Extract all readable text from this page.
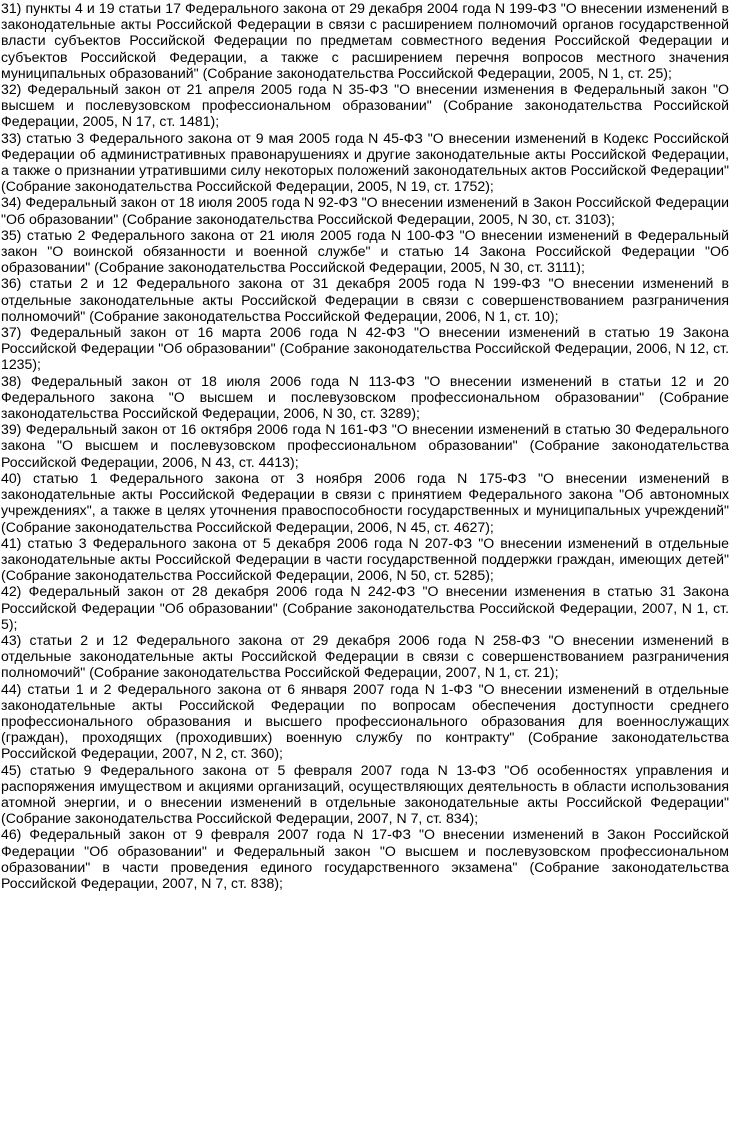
31) пункты 4 и 19 статьи 17 Федерального закона от 29 декабря 2004 года N 199-ФЗ "О внесении изменений в законодательные акты Российской Федерации в связи с расширением полномочий органов государственной власти субъектов Российской Федерации по предметам совместного ведения Российской Федерации и субъектов Российской Федерации, а также с расширением перечня вопросов местного значения муниципальных образований" (Собрание законодательства Российской Федерации, 2005, N 1, ст. 25);

32) Федеральный закон от 21 апреля 2005 года N 35-ФЗ "О внесении изменения в Федеральный закон "О высшем и послевузовском профессиональном образовании" (Собрание законодательства Российской Федерации, 2005, N 17, ст. 1481);

33) статью 3 Федерального закона от 9 мая 2005 года N 45-ФЗ "О внесении изменений в Кодекс Российской Федерации об административных правонарушениях и другие законодательные акты Российской Федерации, а также о признании утратившими силу некоторых положений законодательных актов Российской Федерации" (Собрание законодательства Российской Федерации, 2005, N 19, ст. 1752);

34) Федеральный закон от 18 июля 2005 года N 92-ФЗ "О внесении изменений в Закон Российской Федерации "Об образовании" (Собрание законодательства Российской Федерации, 2005, N 30, ст. 3103);

35) статью 2 Федерального закона от 21 июля 2005 года N 100-ФЗ "О внесении изменений в Федеральный закон "О воинской обязанности и военной службе" и статью 14 Закона Российской Федерации "Об образовании" (Собрание законодательства Российской Федерации, 2005, N 30, ст. 3111);

36) статьи 2 и 12 Федерального закона от 31 декабря 2005 года N 199-ФЗ "О внесении изменений в отдельные законодательные акты Российской Федерации в связи с совершенствованием разграничения полномочий" (Собрание законодательства Российской Федерации, 2006, N 1, ст. 10);

37) Федеральный закон от 16 марта 2006 года N 42-ФЗ "О внесении изменений в статью 19 Закона Российской Федерации "Об образовании" (Собрание законодательства Российской Федерации, 2006, N 12, ст. 1235);

38) Федеральный закон от 18 июля 2006 года N 113-ФЗ "О внесении изменений в статьи 12 и 20 Федерального закона "О высшем и послевузовском профессиональном образовании" (Собрание законодательства Российской Федерации, 2006, N 30, ст. 3289);

39) Федеральный закон от 16 октября 2006 года N 161-ФЗ "О внесении изменений в статью 30 Федерального закона "О высшем и послевузовском профессиональном образовании" (Собрание законодательства Российской Федерации, 2006, N 43, ст. 4413);

40) статью 1 Федерального закона от 3 ноября 2006 года N 175-ФЗ "О внесении изменений в законодательные акты Российской Федерации в связи с принятием Федерального закона "Об автономных учреждениях", а также в целях уточнения правоспособности государственных и муниципальных учреждений" (Собрание законодательства Российской Федерации, 2006, N 45, ст. 4627);

41) статью 3 Федерального закона от 5 декабря 2006 года N 207-ФЗ "О внесении изменений в отдельные законодательные акты Российской Федерации в части государственной поддержки граждан, имеющих детей" (Собрание законодательства Российской Федерации, 2006, N 50, ст. 5285);

42) Федеральный закон от 28 декабря 2006 года N 242-ФЗ "О внесении изменения в статью 31 Закона Российской Федерации "Об образовании" (Собрание законодательства Российской Федерации, 2007, N 1, ст. 5);

43) статьи 2 и 12 Федерального закона от 29 декабря 2006 года N 258-ФЗ "О внесении изменений в отдельные законодательные акты Российской Федерации в связи с совершенствованием разграничения полномочий" (Собрание законодательства Российской Федерации, 2007, N 1, ст. 21);

44) статьи 1 и 2 Федерального закона от 6 января 2007 года N 1-ФЗ "О внесении изменений в отдельные законодательные акты Российской Федерации по вопросам обеспечения доступности среднего профессионального образования и высшего профессионального образования для военнослужащих (граждан), проходящих (проходивших) военную службу по контракту" (Собрание законодательства Российской Федерации, 2007, N 2, ст. 360);

45) статью 9 Федерального закона от 5 февраля 2007 года N 13-ФЗ "Об особенностях управления и распоряжения имуществом и акциями организаций, осуществляющих деятельность в области использования атомной энергии, и о внесении изменений в отдельные законодательные акты Российской Федерации" (Собрание законодательства Российской Федерации, 2007, N 7, ст. 834);

46) Федеральный закон от 9 февраля 2007 года N 17-ФЗ "О внесении изменений в Закон Российской Федерации "Об образовании" и Федеральный закон "О высшем и послевузовском профессиональном образовании" в части проведения единого государственного экзамена" (Собрание законодательства Российской Федерации, 2007, N 7, ст. 838);
